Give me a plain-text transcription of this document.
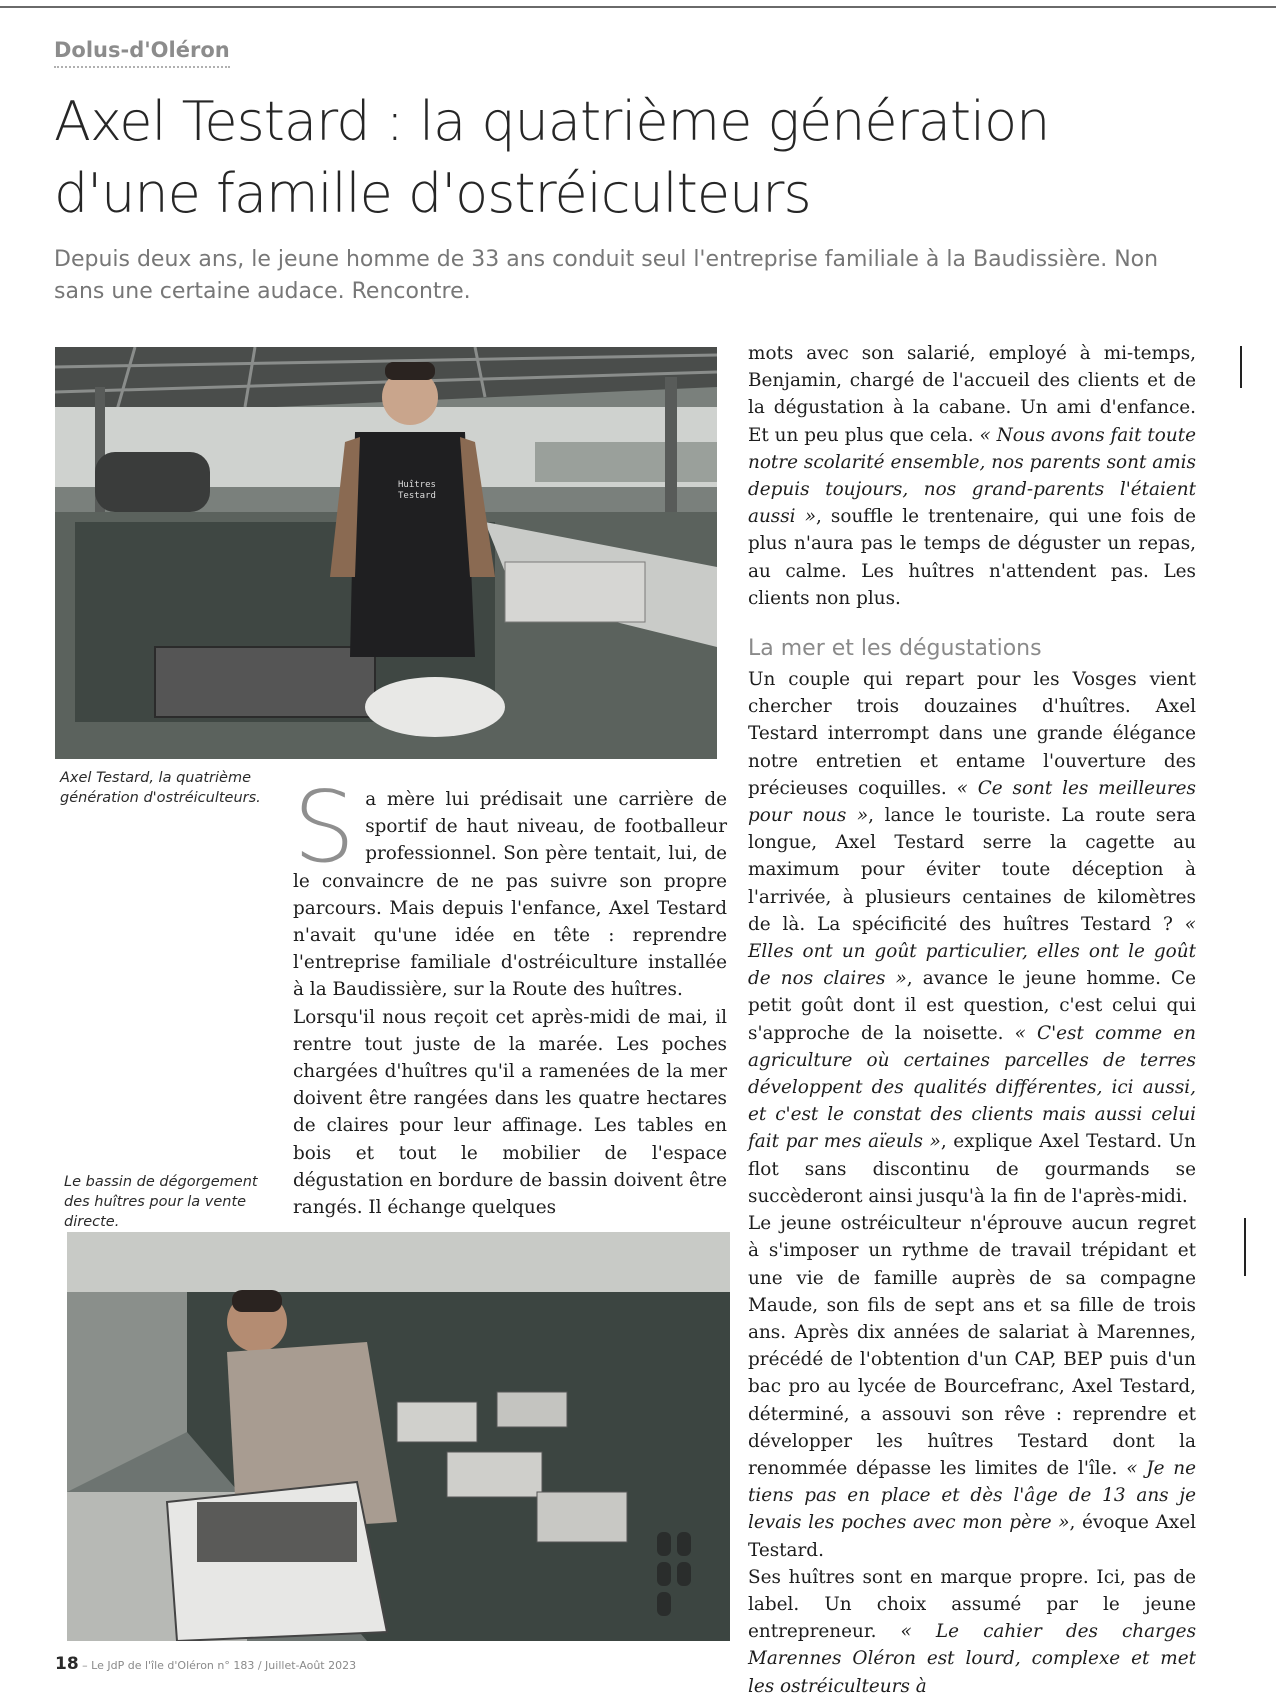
Dolus-d'Oléron
Axel Testard : la quatrième génération
d'une famille d'ostréiculteurs

Depuis deux ans, le jeune homme de 33 ans conduit seul l'entreprise familiale à la Baudissière. Non sans une certaine audace. Rencontre.

Huîtres
Testard

Axel Testard, la quatrième génération d'ostréiculteurs. Sa mère lui prédisait une carrière de sportif de haut niveau, de footballeur professionnel. Son père tentait, lui, de le convaincre de ne pas suivre son propre parcours. Mais depuis l'enfance, Axel Testard n'avait qu'une idée en tête : reprendre l'entreprise familiale d'ostréiculture installée à la Baudissière, sur la Route des huîtres.

Lorsqu'il nous reçoit cet après-midi de mai, il rentre tout juste de la marée. Les poches chargées d'huîtres qu'il a ramenées de la mer doivent être rangées dans les quatre hectares de claires pour leur affinage. Les tables en bois et tout le mobilier de l'espace dégustation en bordure de bassin doivent être rangés. Il échange quelques

mots avec son salarié, employé à mi-temps, Benjamin, chargé de l'accueil des clients et de la dégustation à la cabane. Un ami d'enfance. Et un peu plus que cela. « Nous avons fait toute notre scolarité ensemble, nos parents sont amis depuis toujours, nos grand-parents l'étaient aussi », souffle le trentenaire, qui une fois de plus n'aura pas le temps de déguster un repas, au calme. Les huîtres n'attendent pas. Les clients non plus.

La mer et les dégustations

Un couple qui repart pour les Vosges vient chercher trois douzaines d'huîtres. Axel Testard interrompt dans une grande élégance notre entretien et entame l'ouverture des précieuses coquilles. « Ce sont les meilleures pour nous », lance le touriste. La route sera longue, Axel Testard serre la cagette au maximum pour éviter toute déception à l'arrivée, à plusieurs centaines de kilomètres de là. La spécificité des huîtres Testard ? « Elles ont un goût particulier, elles ont le goût de nos claires », avance le jeune homme. Ce petit goût dont il est question, c'est celui qui s'approche de la noisette. « C'est comme en agriculture où certaines parcelles de terres développent des qualités différentes, ici aussi, et c'est le constat des clients mais aussi celui fait par mes aïeuls », explique Axel Testard. Un flot sans discontinu de gourmands se succèderont ainsi jusqu'à la fin de l'après-midi.

Le jeune ostréiculteur n'éprouve aucun regret à s'imposer un rythme de travail trépidant et une vie de famille auprès de sa compagne Maude, son fils de sept ans et sa fille de trois ans. Après dix années de salariat à Marennes, précédé de l'obtention d'un CAP, BEP puis d'un bac pro au lycée de Bourcefranc, Axel Testard, déterminé, a assouvi son rêve : reprendre et développer les huîtres Testard dont la renommée dépasse les limites de l'île. « Je ne tiens pas en place et dès l'âge de 13 ans je levais les poches avec mon père », évoque Axel Testard.

Ses huîtres sont en marque propre. Ici, pas de label. Un choix assumé par le jeune entrepreneur. « Le cahier des charges Marennes Oléron est lourd, complexe et met les ostréiculteurs à

Le bassin de dégorgement des huîtres pour la vente directe.

18 – Le JdP de l'île d'Oléron n° 183 / Juillet-Août 2023
